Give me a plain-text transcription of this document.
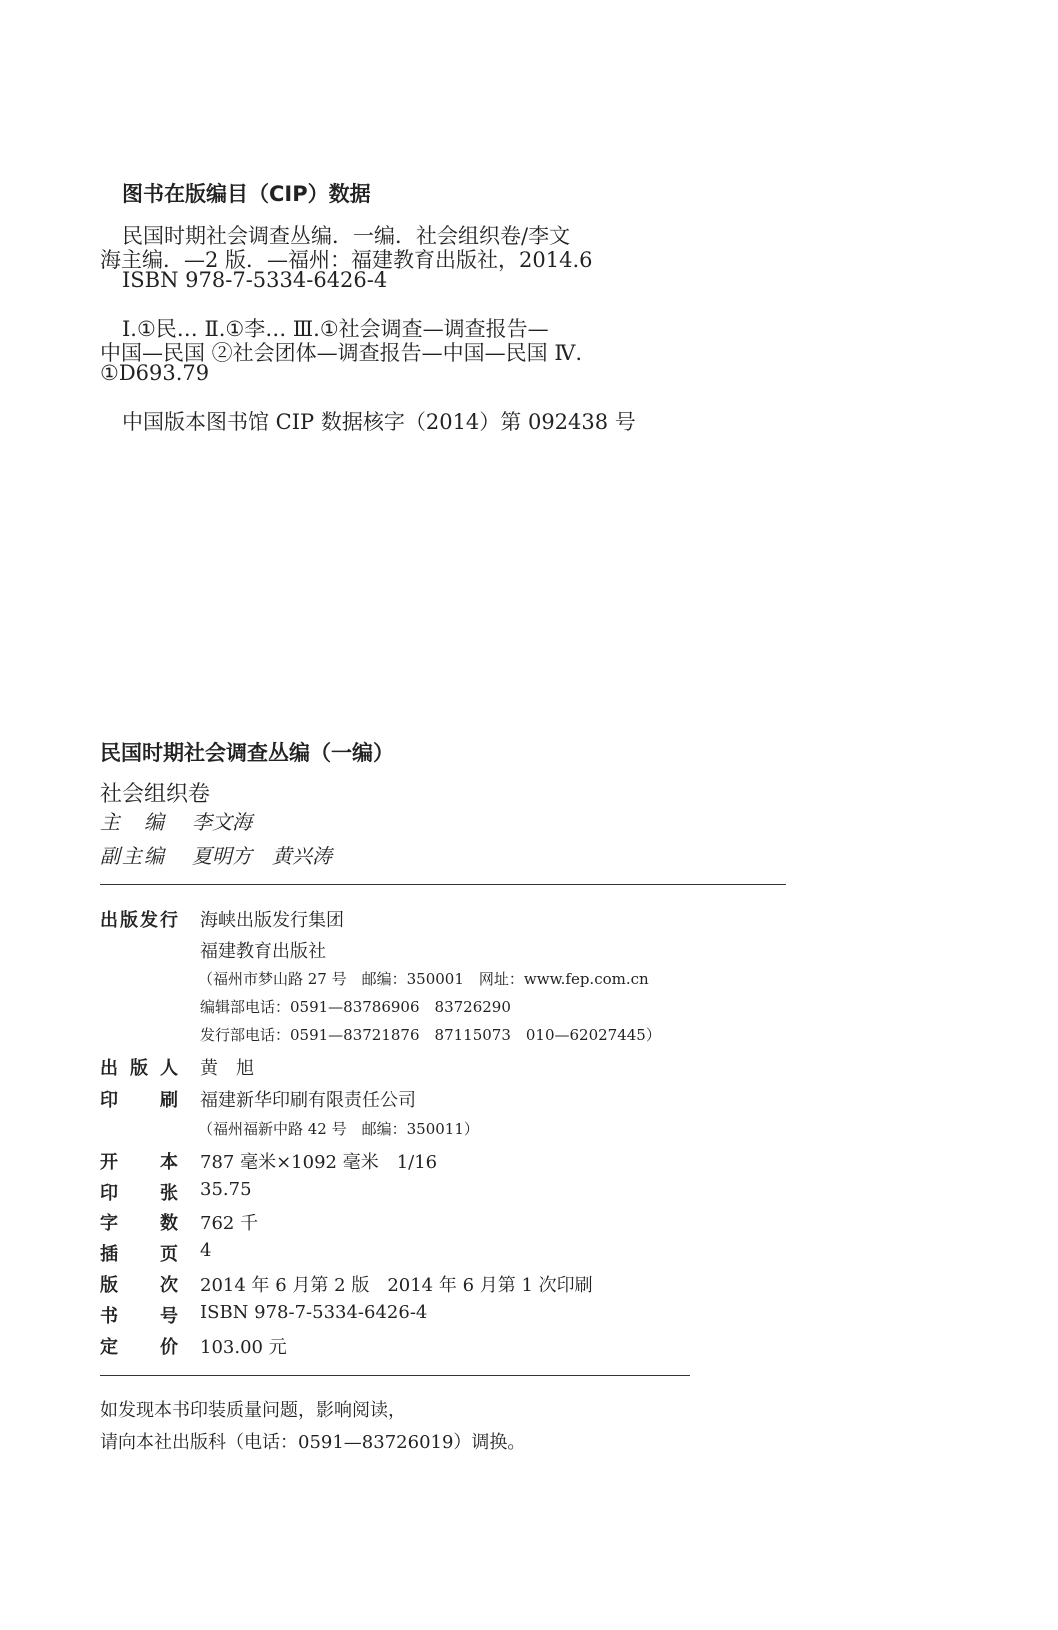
图书在版编目（CIP）数据
民国时期社会调查丛编．一编．社会组织卷/李文
海主编．—2 版．—福州：福建教育出版社，2014.6
ISBN 978-7-5334-6426-4
Ⅰ.①民… Ⅱ.①李… Ⅲ.①社会调查—调查报告—
中国—民国 ②社会团体—调查报告—中国—民国 Ⅳ.
①D693.79
中国版本图书馆 CIP 数据核字（2014）第 092438 号
民国时期社会调查丛编（一编）
社会组织卷
主　编 李文海
副主编 夏明方　黄兴涛
出版发行 海峡出版发行集团
福建教育出版社
（福州市梦山路 27 号　邮编：350001　网址：www.fep.com.cn
编辑部电话：0591—83786906　83726290
发行部电话：0591—83721876　87115073　010—62027445）
出版人 黄　旭
印刷 福建新华印刷有限责任公司
（福州福新中路 42 号　邮编：350011）
开本 787 毫米×1092 毫米　1/16
印张 35.75
字数 762 千
插页 4
版次 2014 年 6 月第 2 版　2014 年 6 月第 1 次印刷
书号 ISBN 978-7-5334-6426-4
定价 103.00 元
如发现本书印装质量问题，影响阅读，
请向本社出版科（电话：0591—83726019）调换。
